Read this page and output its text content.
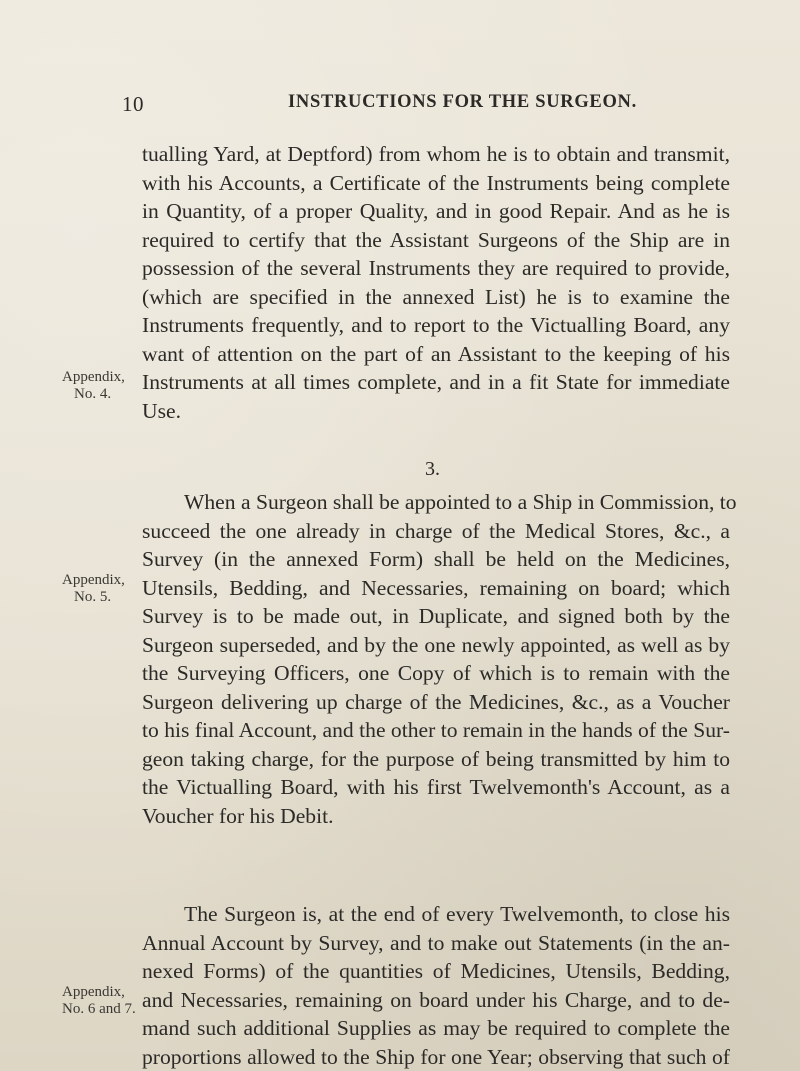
10	INSTRUCTIONS FOR THE SURGEON.
tualling Yard, at Deptford) from whom he is to obtain and transmit,
with his Accounts, a Certificate of the Instruments being complete
in Quantity, of a proper Quality, and in good Repair. And as he is
required to certify that the Assistant Surgeons of the Ship are in
possession of the several Instruments they are required to provide,
(which are specified in the annexed List) he is to examine the
Instruments frequently, and to report to the Victualling Board, any
want of attention on the part of an Assistant to the keeping of his
Instruments at all times complete, and in a fit State for immediate
Use.
Appendix,
No. 4.
3.
When a Surgeon shall be appointed to a Ship in Commission, to
succeed the one already in charge of the Medical Stores, &c., a
Survey (in the annexed Form) shall be held on the Medicines,
Utensils, Bedding, and Necessaries, remaining on board; which
Survey is to be made out, in Duplicate, and signed both by the
Surgeon superseded, and by the one newly appointed, as well as by
the Surveying Officers, one Copy of which is to remain with the
Surgeon delivering up charge of the Medicines, &c., as a Voucher
to his final Account, and the other to remain in the hands of the Sur-
geon taking charge, for the purpose of being transmitted by him to
the Victualling Board, with his first Twelvemonth's Account, as a
Voucher for his Debit.
Appendix,
No. 5.
The Surgeon is, at the end of every Twelvemonth, to close his
Annual Account by Survey, and to make out Statements (in the an-
nexed Forms) of the quantities of Medicines, Utensils, Bedding,
and Necessaries, remaining on board under his Charge, and to de-
mand such additional Supplies as may be required to complete the
proportions allowed to the Ship for one Year; observing that such of
Appendix,
No. 6 and 7.
